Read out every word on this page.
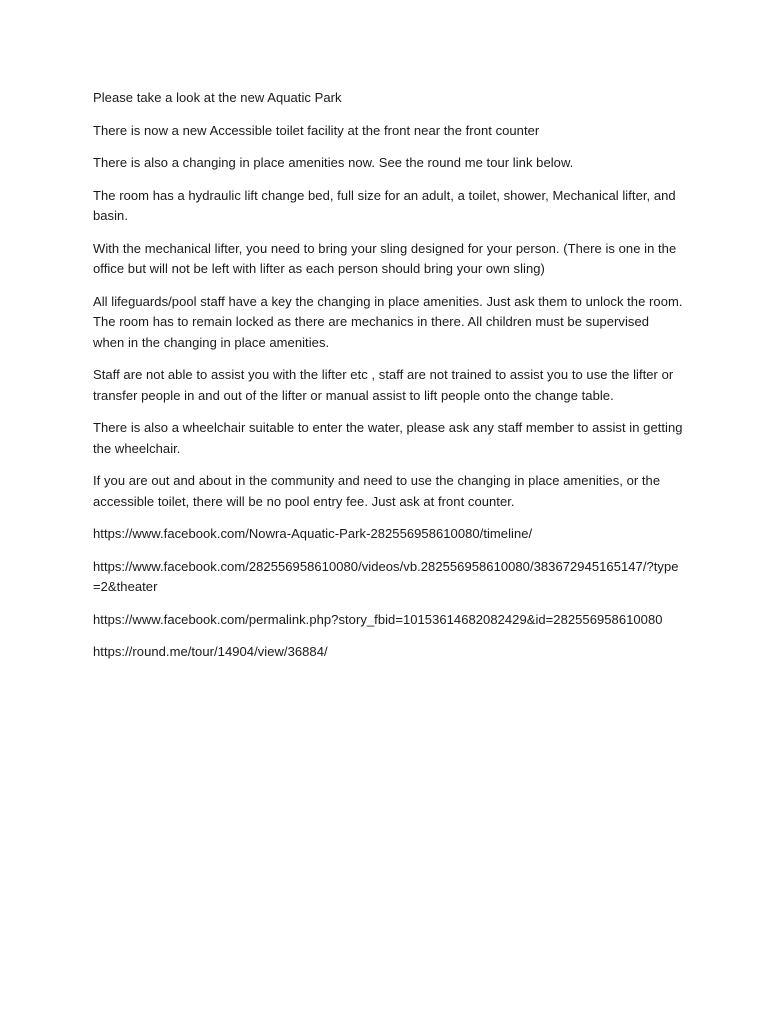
Please take a look at the new Aquatic Park

There is now a new Accessible toilet facility at the front near the front counter

There is also a changing in place amenities now. See the round me tour link below.

The room has a hydraulic lift change bed, full size for an adult, a toilet, shower, Mechanical lifter, and basin.

With the mechanical lifter, you need to bring your sling designed for your person. (There is one in the office but will not be left with lifter as each person should bring your own sling)

All lifeguards/pool staff have a key the changing in place amenities. Just ask them to unlock the room. The room has to remain locked as there are mechanics in there. All children must be supervised when in the changing in place amenities.

Staff are not able to assist you with the lifter etc , staff are not trained to assist you to use the lifter or transfer people in and out of the lifter or manual assist to lift people onto the change table.

There is also a wheelchair suitable to enter the water, please ask any staff member to assist in getting the wheelchair.

If you are out and about in the community and need to use the changing in place amenities, or the accessible toilet, there will be no pool entry fee. Just ask at front counter.

https://www.facebook.com/Nowra-Aquatic-Park-282556958610080/timeline/
https://www.facebook.com/282556958610080/videos/vb.282556958610080/383672945165147/?type=2&theater
https://www.facebook.com/permalink.php?story_fbid=10153614682082429&id=282556958610080
https://round.me/tour/14904/view/36884/
